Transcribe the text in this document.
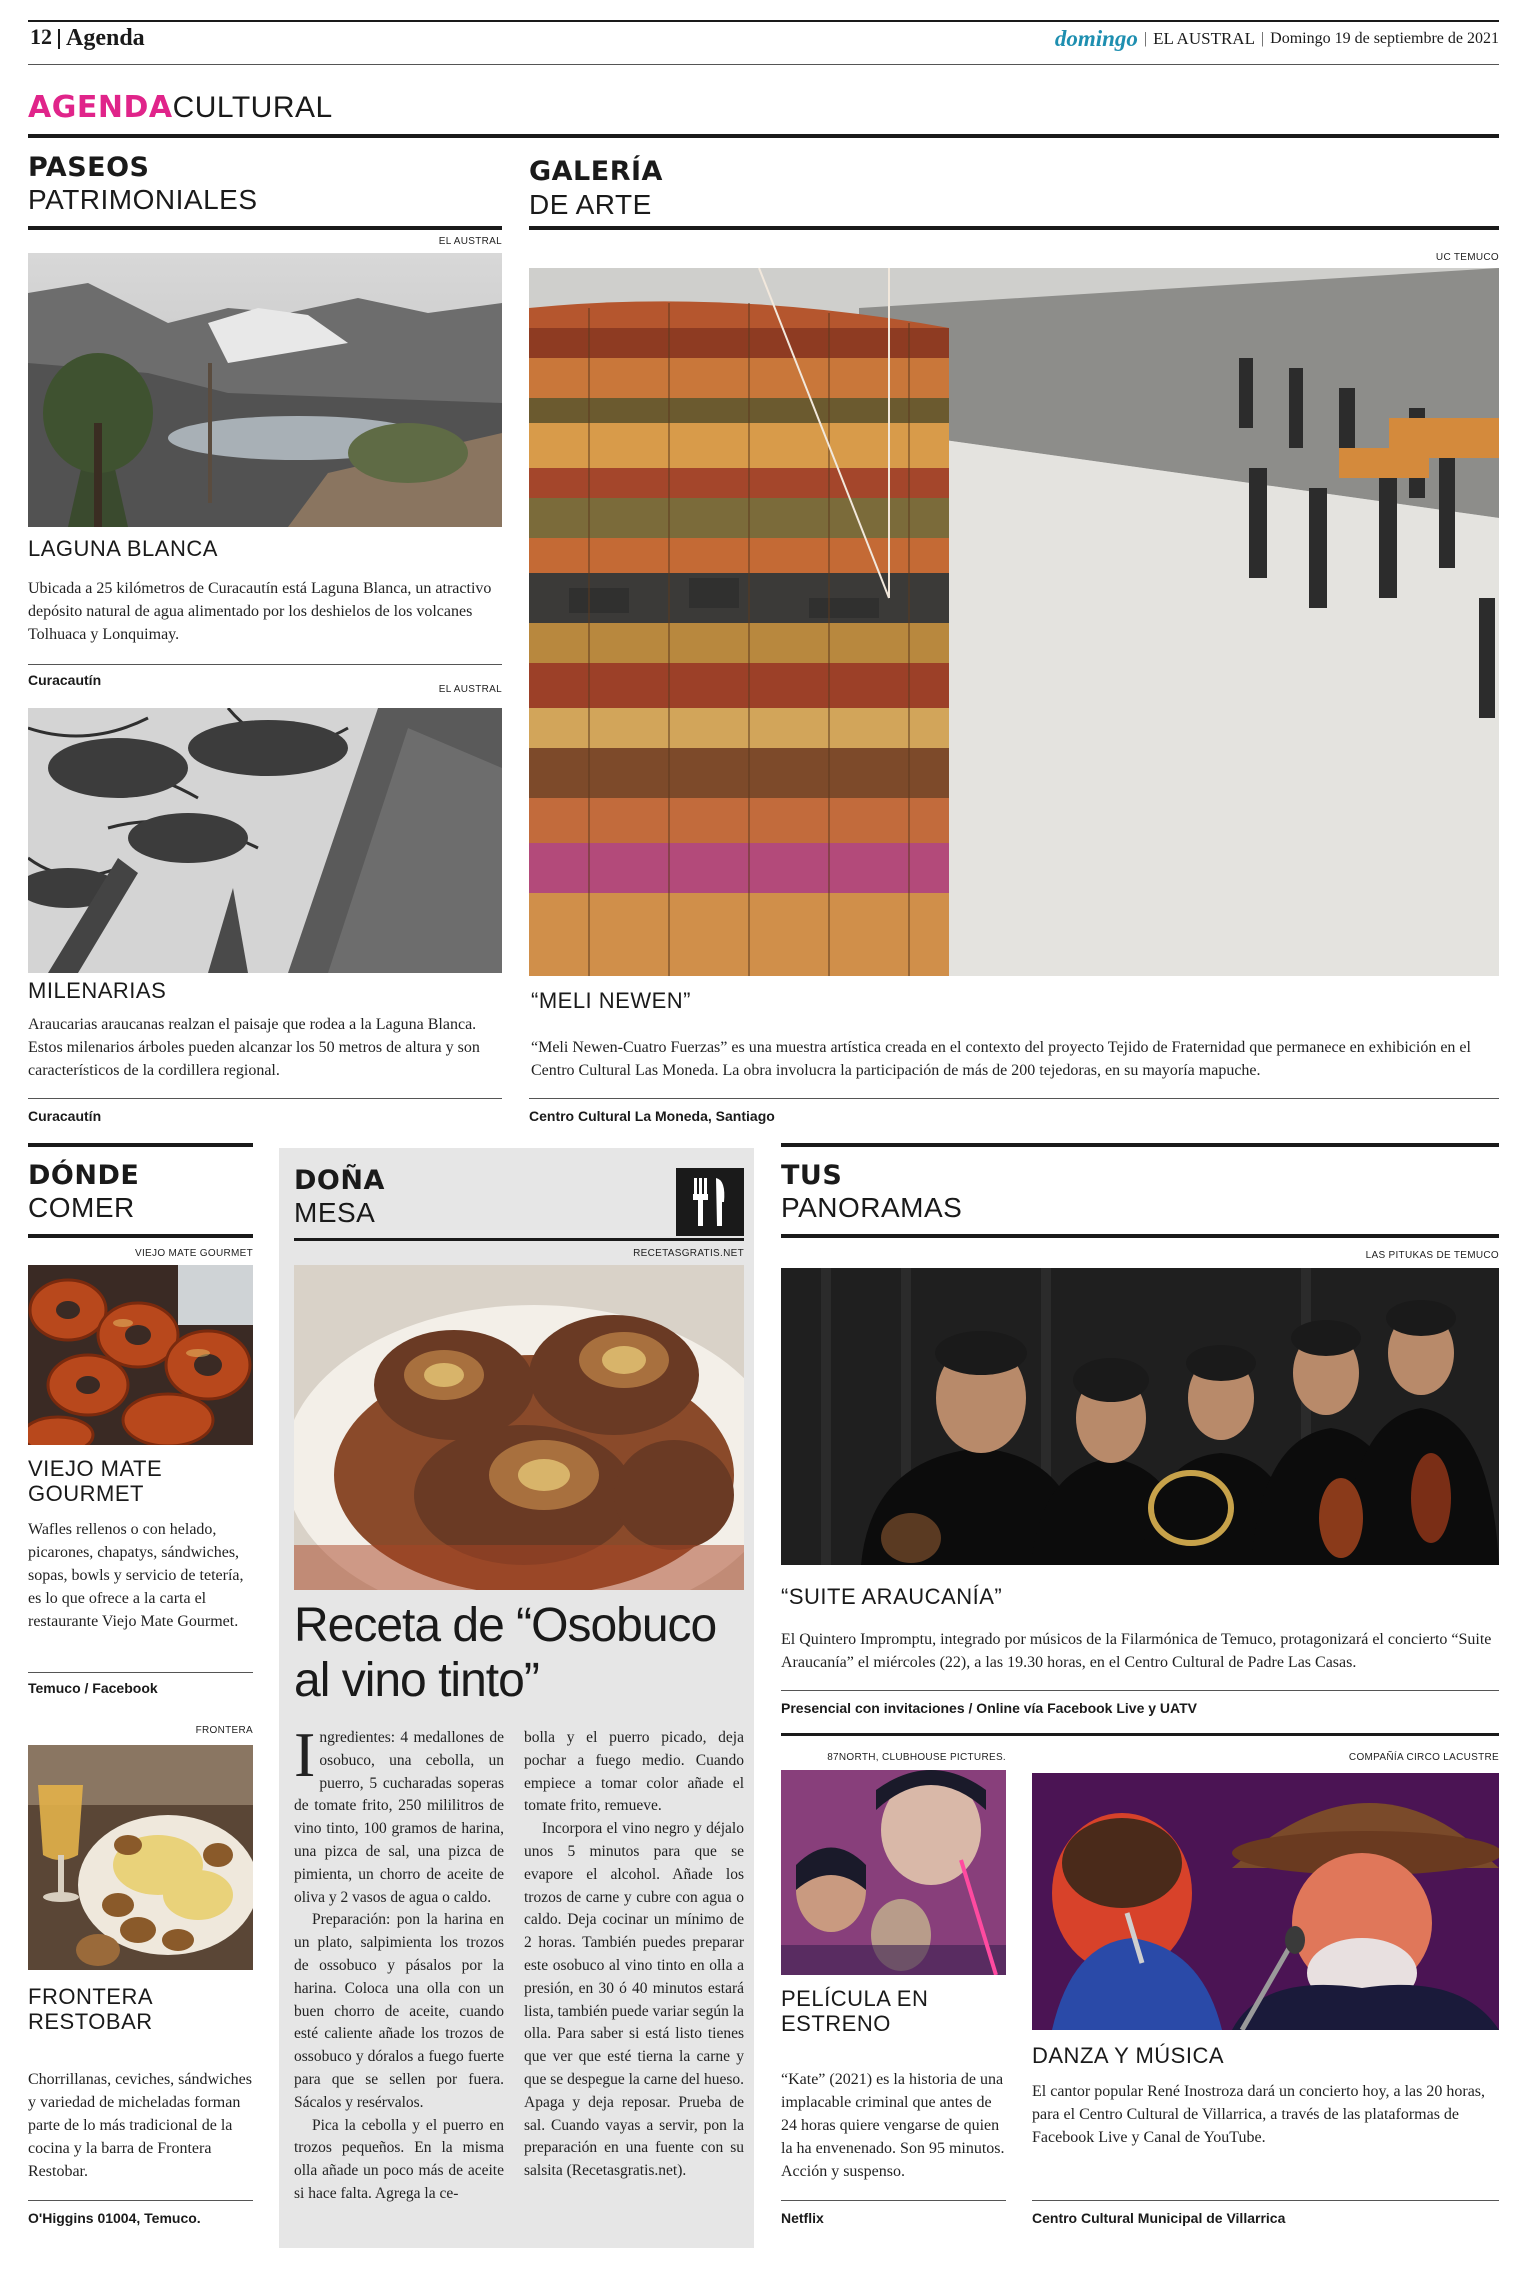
12 Agenda	domingo | EL AUSTRAL | Domingo 19 de septiembre de 2021
AGENDACULTURAL
PASEOS
PATRIMONIALES
EL AUSTRAL
LAGUNA BLANCA
Ubicada a 25 kilómetros de Curacautín está Laguna Blanca, un atractivo depósito natural de agua alimentado por los deshielos de los volcanes Tolhuaca y Lonquimay.
Curacautín
EL AUSTRAL
MILENARIAS
Araucarias araucanas realzan el paisaje que rodea a la Laguna Blanca. Estos milenarios árboles pueden alcanzar los 50 metros de altura y son característicos de la cordillera regional.
Curacautín
GALERÍA
DE ARTE
UC TEMUCO
“MELI NEWEN”
“Meli Newen-Cuatro Fuerzas” es una muestra artística creada en el contexto del proyecto Tejido de Fraternidad que permanece en exhibición en el Centro Cultural Las Moneda. La obra involucra la participación de más de 200 tejedoras, en su mayoría mapuche.
Centro Cultural La Moneda, Santiago
DÓNDE
COMER
VIEJO MATE GOURMET
VIEJO MATE GOURMET
Wafles rellenos o con helado, picarones, chapatys, sándwiches, sopas, bowls y servicio de tetería, es lo que ofrece a la carta el restaurante Viejo Mate Gourmet.
Temuco / Facebook
FRONTERA
FRONTERA RESTOBAR
Chorrillanas, ceviches, sándwiches y variedad de micheladas forman parte de lo más tradicional de la cocina y la barra de Frontera Restobar.
O'Higgins 01004, Temuco.
DOÑA
MESA
RECETASGRATIS.NET
Receta de “Osobuco al vino tinto”

Ingredientes: 4 medallones de osobuco, una cebolla, un puerro, 5 cucharadas soperas de tomate frito, 250 mililitros de vino tinto, 100 gramos de harina, una pizca de sal, una pizca de pimienta, un chorro de aceite de oliva y 2 vasos de agua o caldo.

Preparación: pon la harina en un plato, salpimienta los trozos de ossobuco y pásalos por la harina. Coloca una olla con un buen chorro de aceite, cuando esté caliente añade los trozos de ossobuco y dóralos a fuego fuerte para que se sellen por fuera. Sácalos y resérvalos.

Pica la cebolla y el puerro en trozos pequeños. En la misma olla añade un poco más de aceite si hace falta. Agrega la ce-

bolla y el puerro picado, deja pochar a fuego medio. Cuando empiece a tomar color añade el tomate frito, remueve.

Incorpora el vino negro y déjalo unos 5 minutos para que se evapore el alcohol. Añade los trozos de carne y cubre con agua o caldo. Deja cocinar un mínimo de 2 horas. También puedes preparar este osobuco al vino tinto en olla a presión, en 30 ó 40 minutos estará lista, también puede variar según la olla. Para saber si está listo tienes que ver que esté tierna la carne y que se despegue la carne del hueso. Apaga y deja reposar. Prueba de sal. Cuando vayas a servir, pon la preparación en una fuente con su salsita (Recetasgratis.net).

TUS
PANORAMAS
LAS PITUKAS DE TEMUCO
“SUITE ARAUCANÍA”
El Quintero Impromptu, integrado por músicos de la Filarmónica de Temuco, protagonizará el concierto “Suite Araucanía” el miércoles (22), a las 19.30 horas, en el Centro Cultural de Padre Las Casas.
Presencial con invitaciones / Online vía Facebook Live y UATV
87NORTH, CLUBHOUSE PICTURES.
PELÍCULA EN ESTRENO
“Kate” (2021) es la historia de una implacable criminal que antes de 24 horas quiere vengarse de quien la ha envenenado. Son 95 minutos. Acción y suspenso.
Netflix
COMPAÑÍA CIRCO LACUSTRE
DANZA Y MÚSICA
El cantor popular René Inostroza dará un concierto hoy, a las 20 horas, para el Centro Cultural de Villarrica, a través de las plataformas de Facebook Live y Canal de YouTube.
Centro Cultural Municipal de Villarrica
